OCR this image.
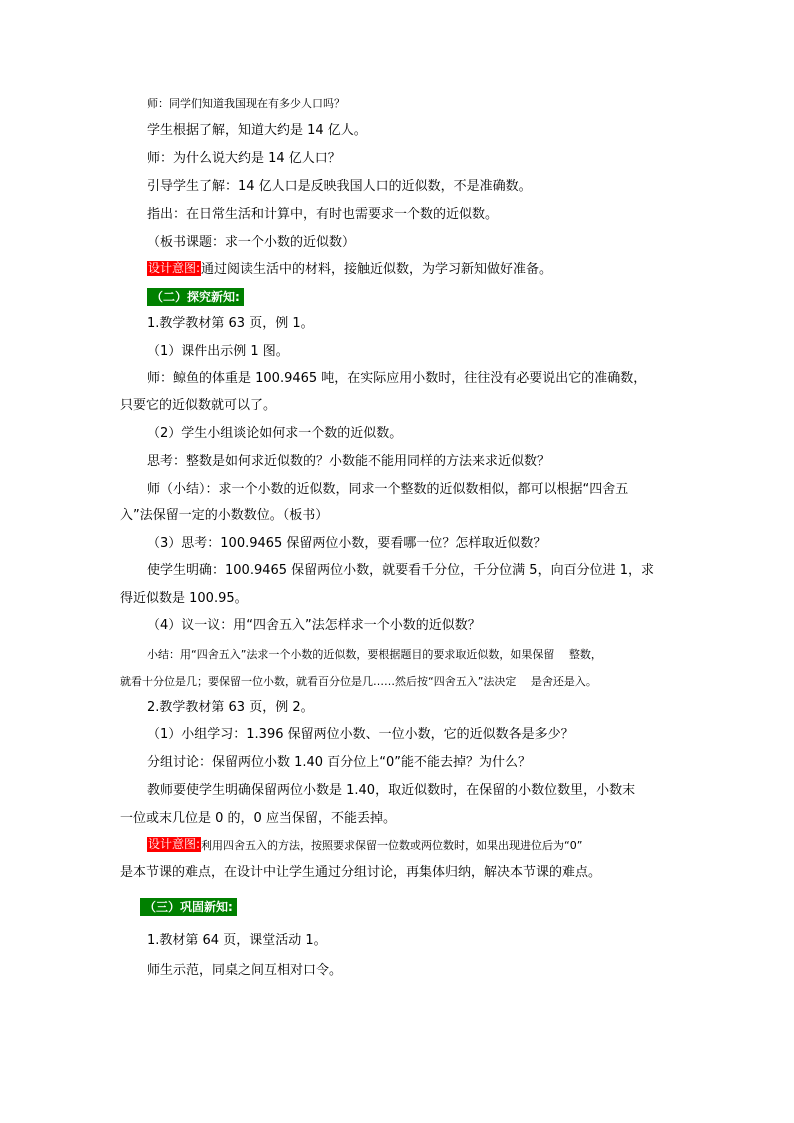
师：同学们知道我国现在有多少人口吗？
学生根据了解，知道大约是 14 亿人。
师：为什么说大约是 14 亿人口？
引导学生了解：14 亿人口是反映我国人口的近似数，不是准确数。
指出：在日常生活和计算中，有时也需要求一个数的近似数。
（板书课题：求一个小数的近似数）
设计意图:通过阅读生活中的材料，接触近似数，为学习新知做好准备。
（二）探究新知:
1.教学教材第 63 页，例 1。
（1）课件出示例 1 图。
师：鲸鱼的体重是 100.9465 吨，在实际应用小数时，往往没有必要说出它的准确数，
只要它的近似数就可以了。
（2）学生小组谈论如何求一个数的近似数。
思考：整数是如何求近似数的？小数能不能用同样的方法来求近似数？
师（小结）：求一个小数的近似数，同求一个整数的近似数相似，都可以根据“四舍五
入”法保留一定的小数数位。（板书）
（3）思考：100.9465 保留两位小数，要看哪一位？怎样取近似数？
使学生明确：100.9465 保留两位小数，就要看千分位，千分位满 5，向百分位进 1，求
得近似数是 100.95。
（4）议一议：用“四舍五入”法怎样求一个小数的近似数？
小结：用“四舍五入”法求一个小数的近似数，要根据题目的要求取近似数，如果保留　 整数，
就看十分位是几；要保留一位小数，就看百分位是几……然后按“四舍五入”法决定　 是舍还是入。
2.教学教材第 63 页，例 2。
（1）小组学习：1.396 保留两位小数、一位小数，它的近似数各是多少？
分组讨论：保留两位小数 1.40 百分位上“0”能不能去掉？为什么？
教师要使学生明确保留两位小数是 1.40，取近似数时，在保留的小数位数里，小数末
一位或末几位是 0 的，0 应当保留，不能丢掉。
设计意图:利用四舍五入的方法，按照要求保留一位数或两位数时，如果出现进位后为“0”
是本节课的难点，在设计中让学生通过分组讨论，再集体归纳，解决本节课的难点。
（三）巩固新知:
1.教材第 64 页，课堂活动 1。
师生示范，同桌之间互相对口令。
